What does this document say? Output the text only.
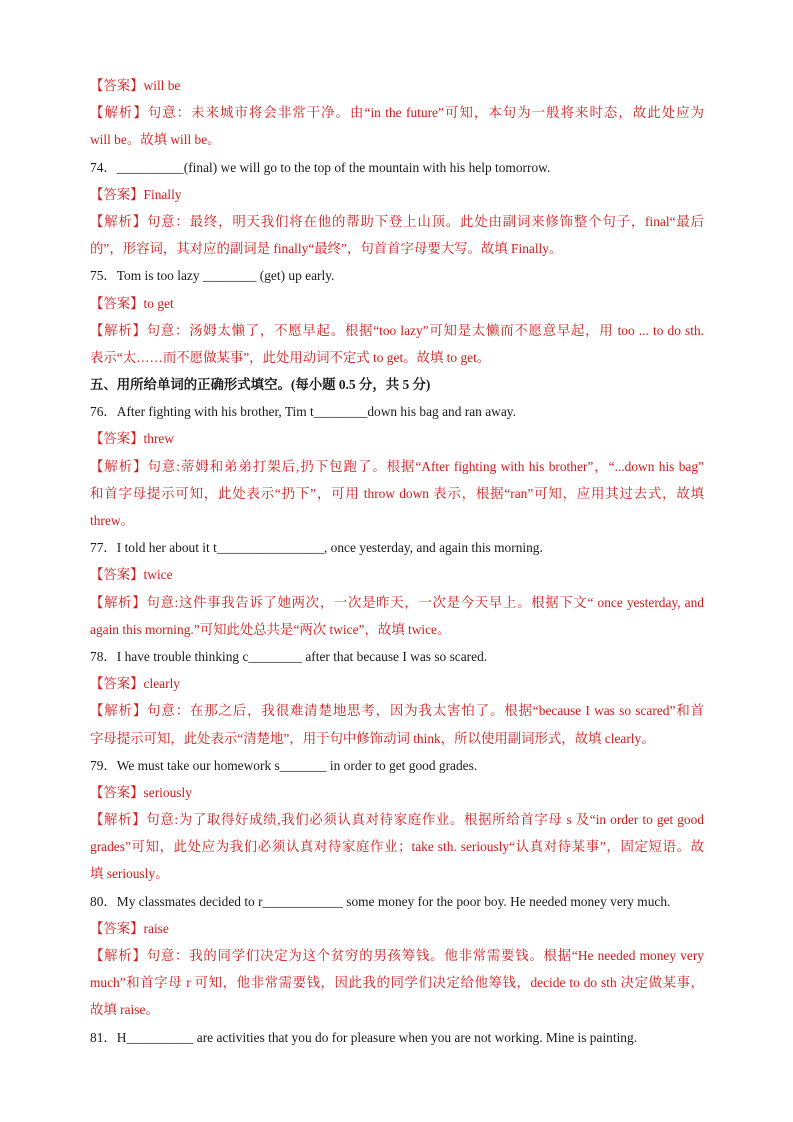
【答案】will be
【解析】句意：未来城市将会非常干净。由“in the future”可知，本句为一般将来时态，故此处应为
will be。故填 will be。
74．__________(final) we will go to the top of the mountain with his help tomorrow.
【答案】Finally
【解析】句意：最终，明天我们将在他的帮助下登上山顶。此处由副词来修饰整个句子，final“最后
的”，形容词，其对应的副词是 finally“最终”，句首首字母要大写。故填 Finally。
75．Tom is too lazy ________ (get) up early.
【答案】to get
【解析】句意：汤姆太懒了，不愿早起。根据“too lazy”可知是太懒而不愿意早起，用 too ... to do sth.
表示“太……而不愿做某事”，此处用动词不定式 to get。故填 to get。
五、用所给单词的正确形式填空。(每小题 0.5 分，共 5 分)
76．After fighting with his brother, Tim t________down his bag and ran away.
【答案】threw
【解析】句意:蒂姆和弟弟打架后,扔下包跑了。根据“After fighting with his brother”，“...down his bag”
和首字母提示可知，此处表示“扔下”，可用 throw down 表示，根据“ran”可知，应用其过去式，故填
threw。
77．I told her about it t________________, once yesterday, and again this morning.
【答案】twice
【解析】句意:这件事我告诉了她两次，一次是昨天，一次是今天早上。根据下文“ once yesterday, and
again this morning.”可知此处总共是“两次 twice”，故填 twice。
78．I have trouble thinking c________ after that because I was so scared.
【答案】clearly
【解析】句意：在那之后，我很难清楚地思考，因为我太害怕了。根据“because I was so scared”和首
字母提示可知，此处表示“清楚地”，用于句中修饰动词 think，所以使用副词形式，故填 clearly。
79．We must take our homework s_______ in order to get good grades.
【答案】seriously
【解析】句意:为了取得好成绩,我们必须认真对待家庭作业。根据所给首字母 s 及“in order to get good
grades”可知，此处应为我们必须认真对待家庭作业；take sth. seriously“认真对待某事”，固定短语。故
填 seriously。
80．My classmates decided to r____________ some money for the poor boy. He needed money very much.
【答案】raise
【解析】句意：我的同学们决定为这个贫穷的男孩筹钱。他非常需要钱。根据“He needed money very
much”和首字母 r 可知，他非常需要钱，因此我的同学们决定给他筹钱，decide to do sth 决定做某事，
故填 raise。
81．H__________ are activities that you do for pleasure when you are not working. Mine is painting.
